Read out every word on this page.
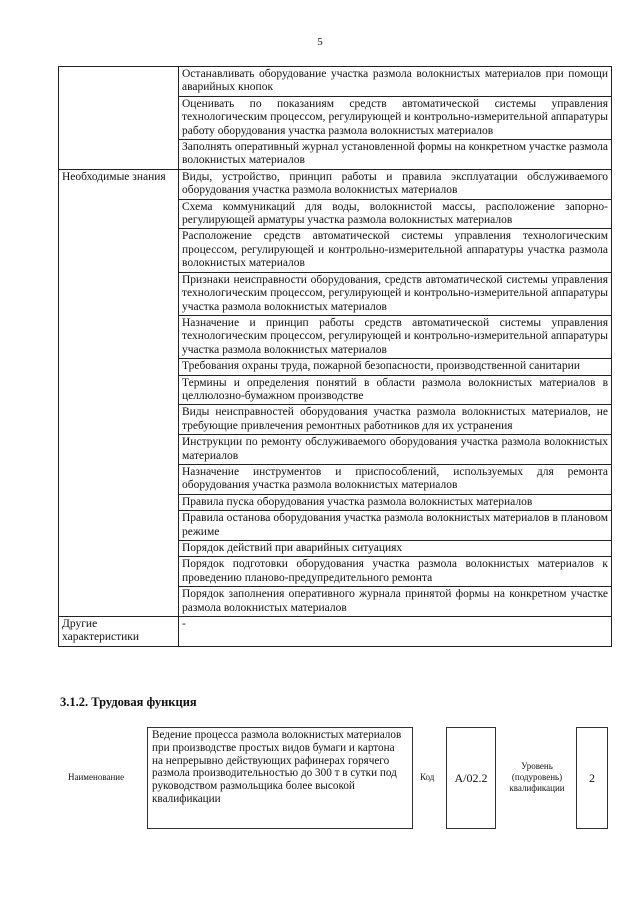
5
	Останавливать оборудование участка размола волокнистых материалов при помощи аварийных кнопок
	Оценивать по показаниям средств автоматической системы управления технологическим процессом, регулирующей и контрольно-измерительной аппаратуры работу оборудования участка размола волокнистых материалов
	Заполнять оперативный журнал установленной формы на конкретном участке размола волокнистых материалов
Необходимые знания	Виды, устройство, принцип работы и правила эксплуатации обслуживаемого оборудования участка размола волокнистых материалов
	Схема коммуникаций для воды, волокнистой массы, расположение запорно-регулирующей арматуры участка размола волокнистых материалов
	Расположение средств автоматической системы управления технологическим процессом, регулирующей и контрольно-измерительной аппаратуры участка размола волокнистых материалов
	Признаки неисправности оборудования, средств автоматической системы управления технологическим процессом, регулирующей и контрольно-измерительной аппаратуры участка размола волокнистых материалов
	Назначение и принцип работы средств автоматической системы управления технологическим процессом, регулирующей и контрольно-измерительной аппаратуры участка размола волокнистых материалов
	Требования охраны труда, пожарной безопасности, производственной санитарии
	Термины и определения понятий в области размола волокнистых материалов в целлюлозно-бумажном производстве
	Виды неисправностей оборудования участка размола волокнистых материалов, не требующие привлечения ремонтных работников для их устранения
	Инструкции по ремонту обслуживаемого оборудования участка размола волокнистых материалов
	Назначение инструментов и приспособлений, используемых для ремонта оборудования участка размола волокнистых материалов
	Правила пуска оборудования участка размола волокнистых материалов
	Правила останова оборудования участка размола волокнистых материалов в плановом режиме
	Порядок действий при аварийных ситуациях
	Порядок подготовки оборудования участка размола волокнистых материалов к проведению планово-предупредительного ремонта
	Порядок заполнения оперативного журнала принятой формы на конкретном участке размола волокнистых материалов
Другие характеристики	-
3.1.2. Трудовая функция
Наименование
Ведение процесса размола волокнистых материалов при производстве простых видов бумаги и картона на непрерывно действующих рафинерах горячего размола производительностью до 300 т в сутки под руководством размольщика более высокой квалификации
Код	А/02.2
Уровень (подуровень) квалификации
2
